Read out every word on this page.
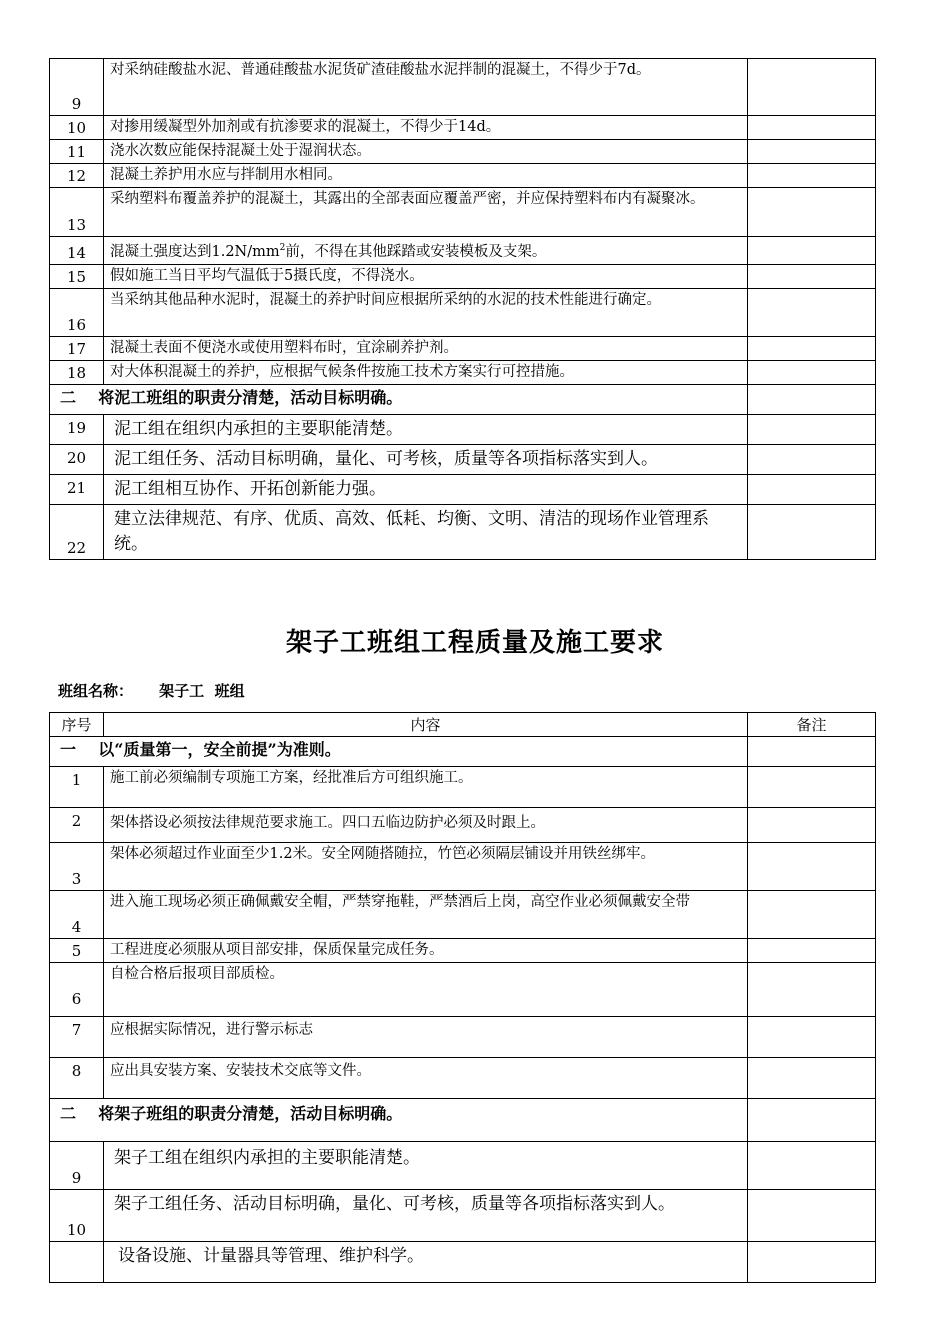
9	对采纳硅酸盐水泥、普通硅酸盐水泥货矿渣硅酸盐水泥拌制的混凝土，不得少于7d。	
10	对掺用缓凝型外加剂或有抗渗要求的混凝土，不得少于14d。	
11	浇水次数应能保持混凝土处于湿润状态。	
12	混凝土养护用水应与拌制用水相同。	
13	采纳塑料布覆盖养护的混凝土，其露出的全部表面应覆盖严密，并应保持塑料布内有凝聚冰。	
14	混凝土强度达到$1.2N/mm^2$前，不得在其他踩踏或安装模板及支架。	
15	假如施工当日平均气温低于5摄氏度，不得浇水。	
16	当采纳其他品种水泥时，混凝土的养护时间应根据所采纳的水泥的技术性能进行确定。	
17	混凝土表面不便浇水或使用塑料布时，宜涂刷养护剂。	
18	对大体积混凝土的养护，应根据气候条件按施工技术方案实行可控措施。	
二 将泥工班组的职责分清楚，活动目标明确。		
19	泥工组在组织内承担的主要职能清楚。	
20	泥工组任务、活动目标明确，量化、可考核，质量等各项指标落实到人。	
21	泥工组相互协作、开拓创新能力强。	
22	建立法律规范、有序、优质、高效、低耗、均衡、文明、清洁的现场作业管理系统。	
架子工班组工程质量及施工要求
班组名称： 架子工  班组
序号	内容	备注
一 以“质量第一，安全前提”为准则。		
1	施工前必须编制专项施工方案，经批准后方可组织施工。	
2	架体搭设必须按法律规范要求施工。四口五临边防护必须及时跟上。	
3	架体必须超过作业面至少1.2米。安全网随搭随拉，竹笆必须隔层铺设并用铁丝绑牢。	
4	进入施工现场必须正确佩戴安全帽，严禁穿拖鞋，严禁酒后上岗，高空作业必须佩戴安全带	
5	工程进度必须服从项目部安排，保质保量完成任务。	
6	自检合格后报项目部质检。	
7	应根据实际情况，进行警示标志	
8	应出具安装方案、安装技术交底等文件。	
二 将架子班组的职责分清楚，活动目标明确。		
9	架子工组在组织内承担的主要职能清楚。	
10	架子工组任务、活动目标明确，量化、可考核，质量等各项指标落实到人。	
	设备设施、计量器具等管理、维护科学。	
